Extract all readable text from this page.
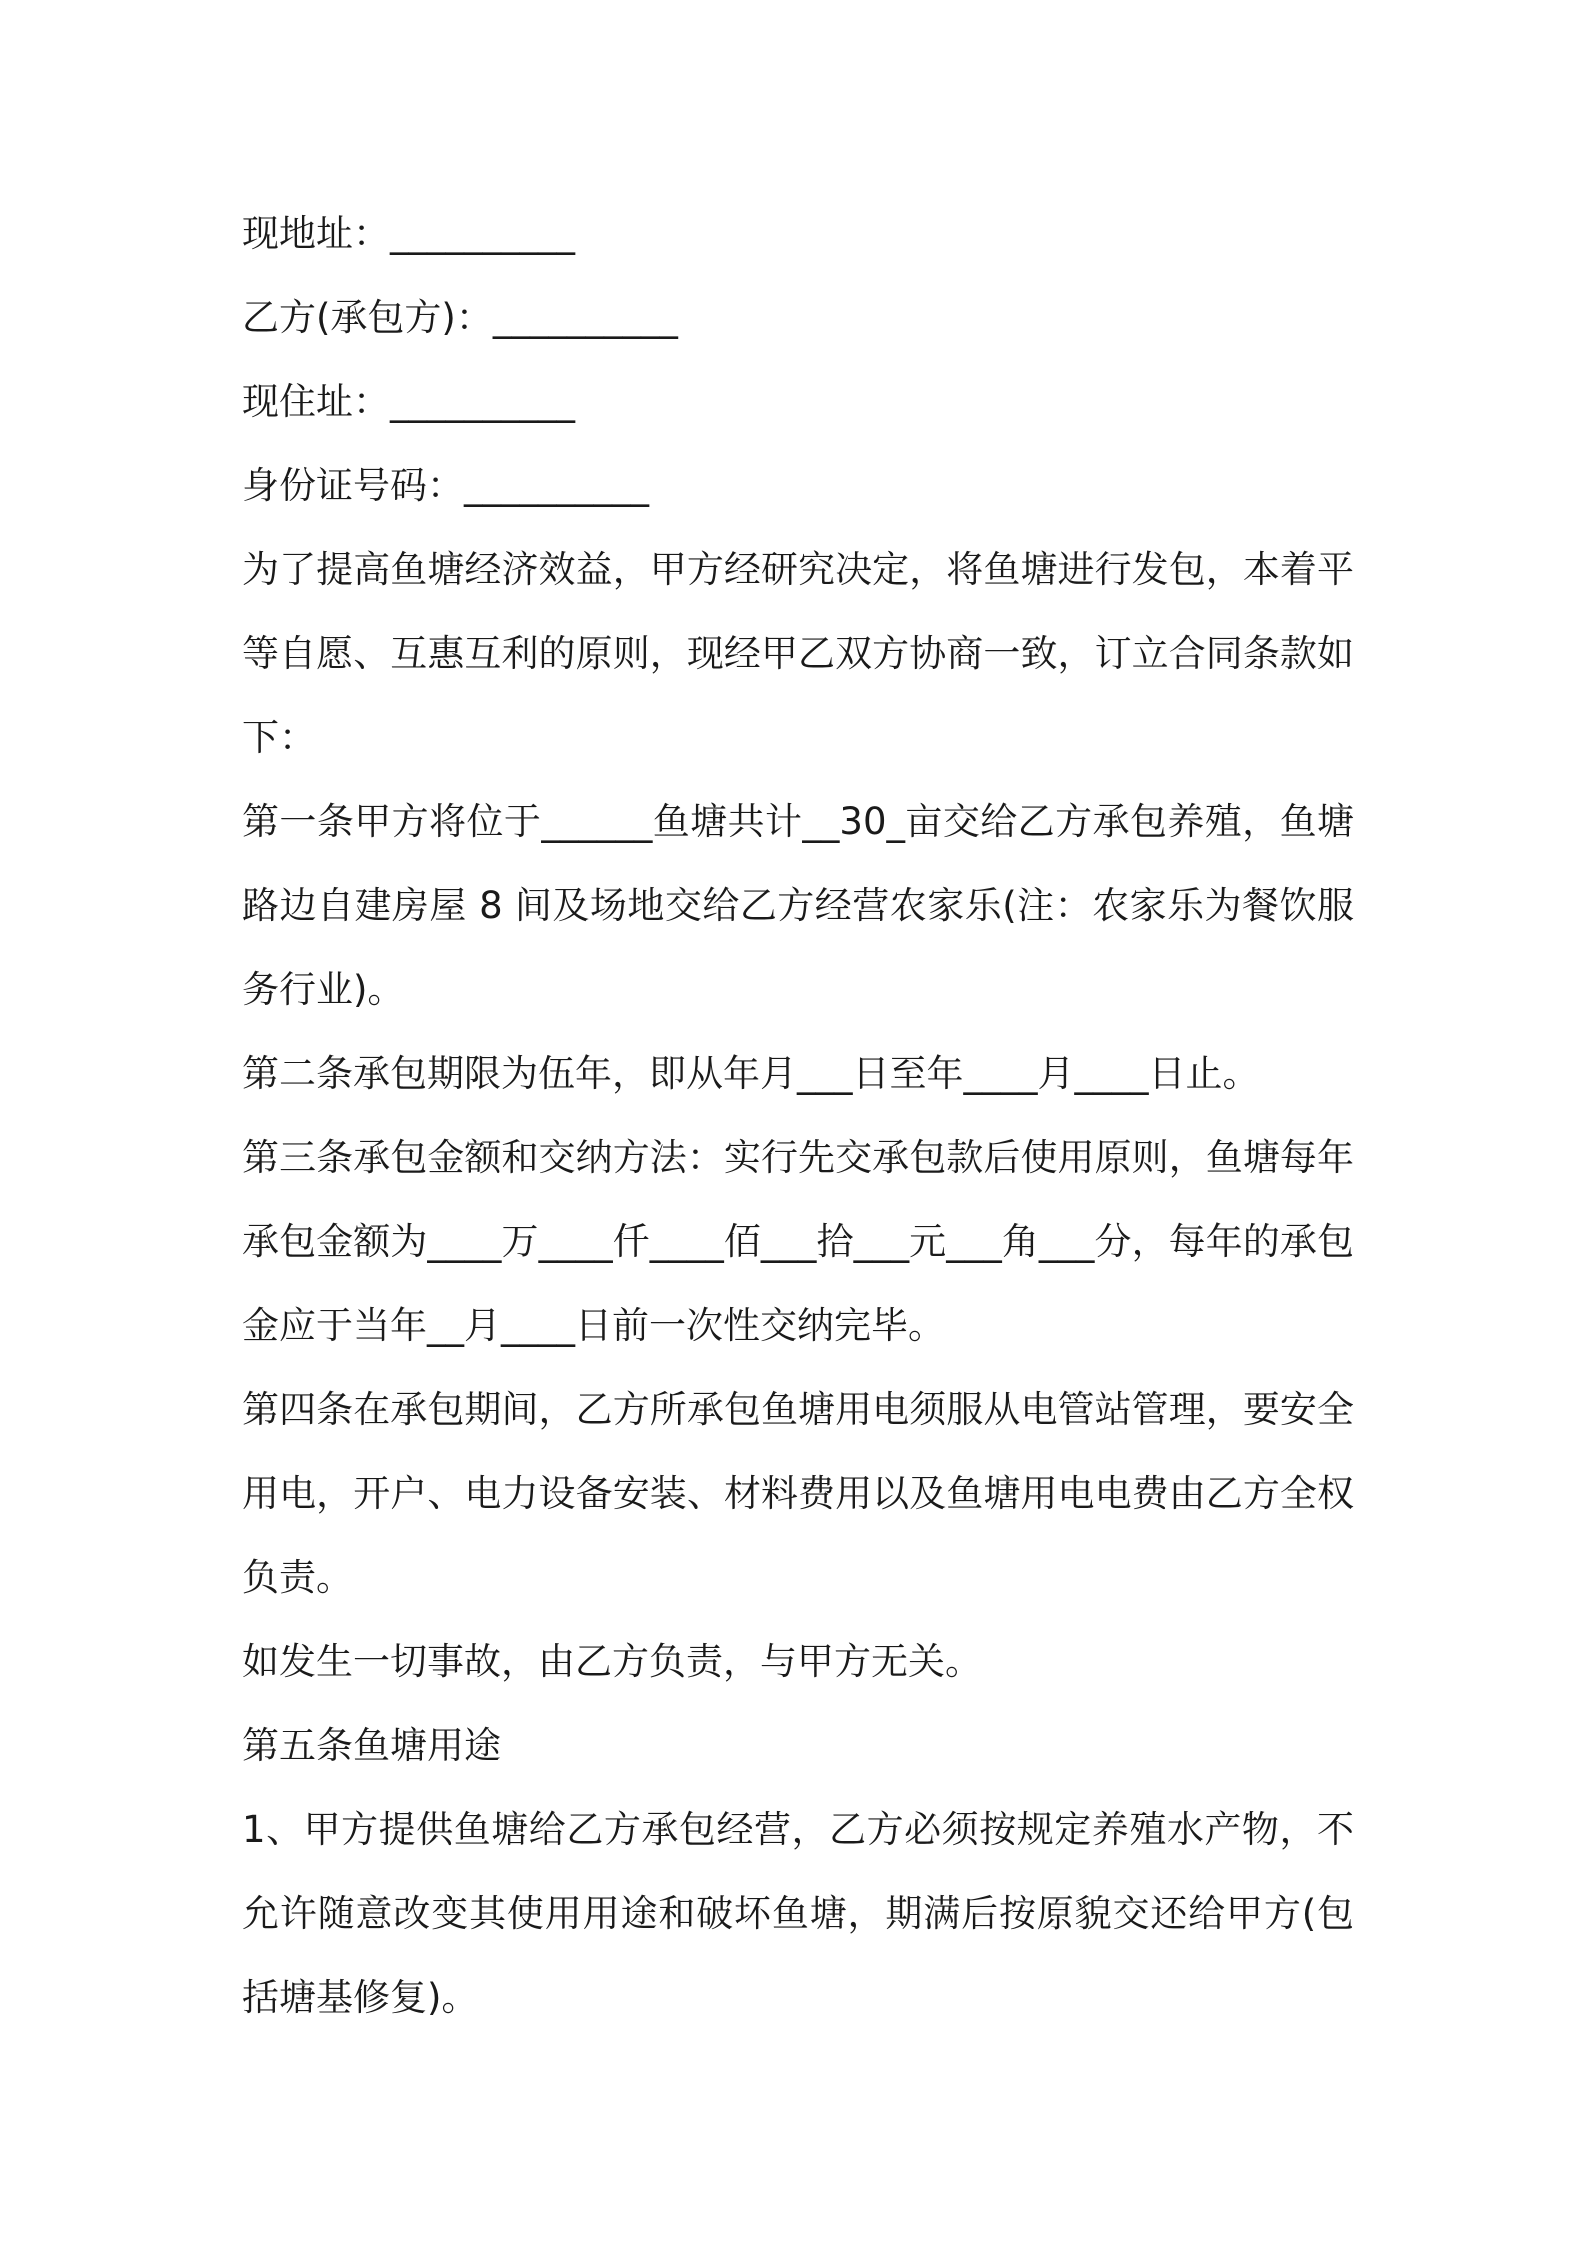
现地址：__________
乙方(承包方)：__________
现住址：__________
身份证号码：__________

为了提高鱼塘经济效益，甲方经研究决定，将鱼塘进行发包，本着平等自愿、互惠互利的原则，现经甲乙双方协商一致，订立合同条款如下：

第一条甲方将位于______鱼塘共计__30_亩交给乙方承包养殖，鱼塘路边自建房屋 8 间及场地交给乙方经营农家乐(注：农家乐为餐饮服务行业)。

第二条承包期限为伍年，即从年月___日至年____月____日止。

第三条承包金额和交纳方法：实行先交承包款后使用原则，鱼塘每年承包金额为____万____仟____佰___拾___元___角___分，每年的承包金应于当年__月____日前一次性交纳完毕。

第四条在承包期间，乙方所承包鱼塘用电须服从电管站管理，要安全用电，开户、电力设备安装、材料费用以及鱼塘用电电费由乙方全权负责。

如发生一切事故，由乙方负责，与甲方无关。

第五条鱼塘用途

1、甲方提供鱼塘给乙方承包经营，乙方必须按规定养殖水产物，不允许随意改变其使用用途和破坏鱼塘，期满后按原貌交还给甲方(包括塘基修复)。
